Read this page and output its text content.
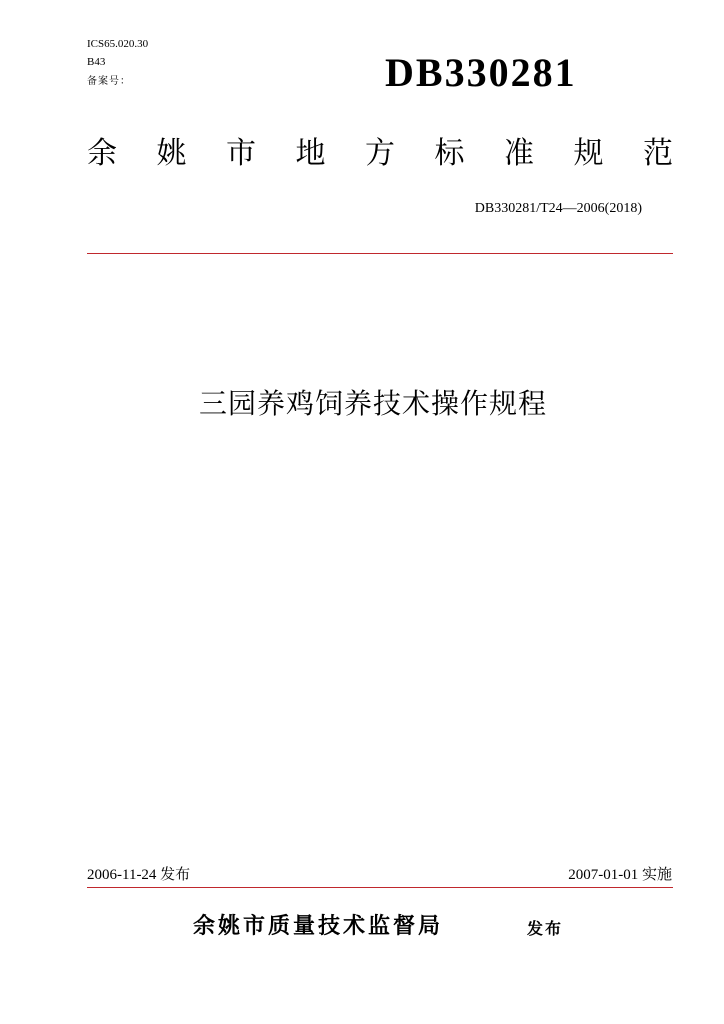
ICS65.020.30
B43
备案号：	DB330281
余 姚 市 地 方 标 准 规 范
DB330281/T24—2006(2018)
三园养鸡饲养技术操作规程
2006-11-24 发布	2007-01-01 实施
余姚市质量技术监督局	发布
